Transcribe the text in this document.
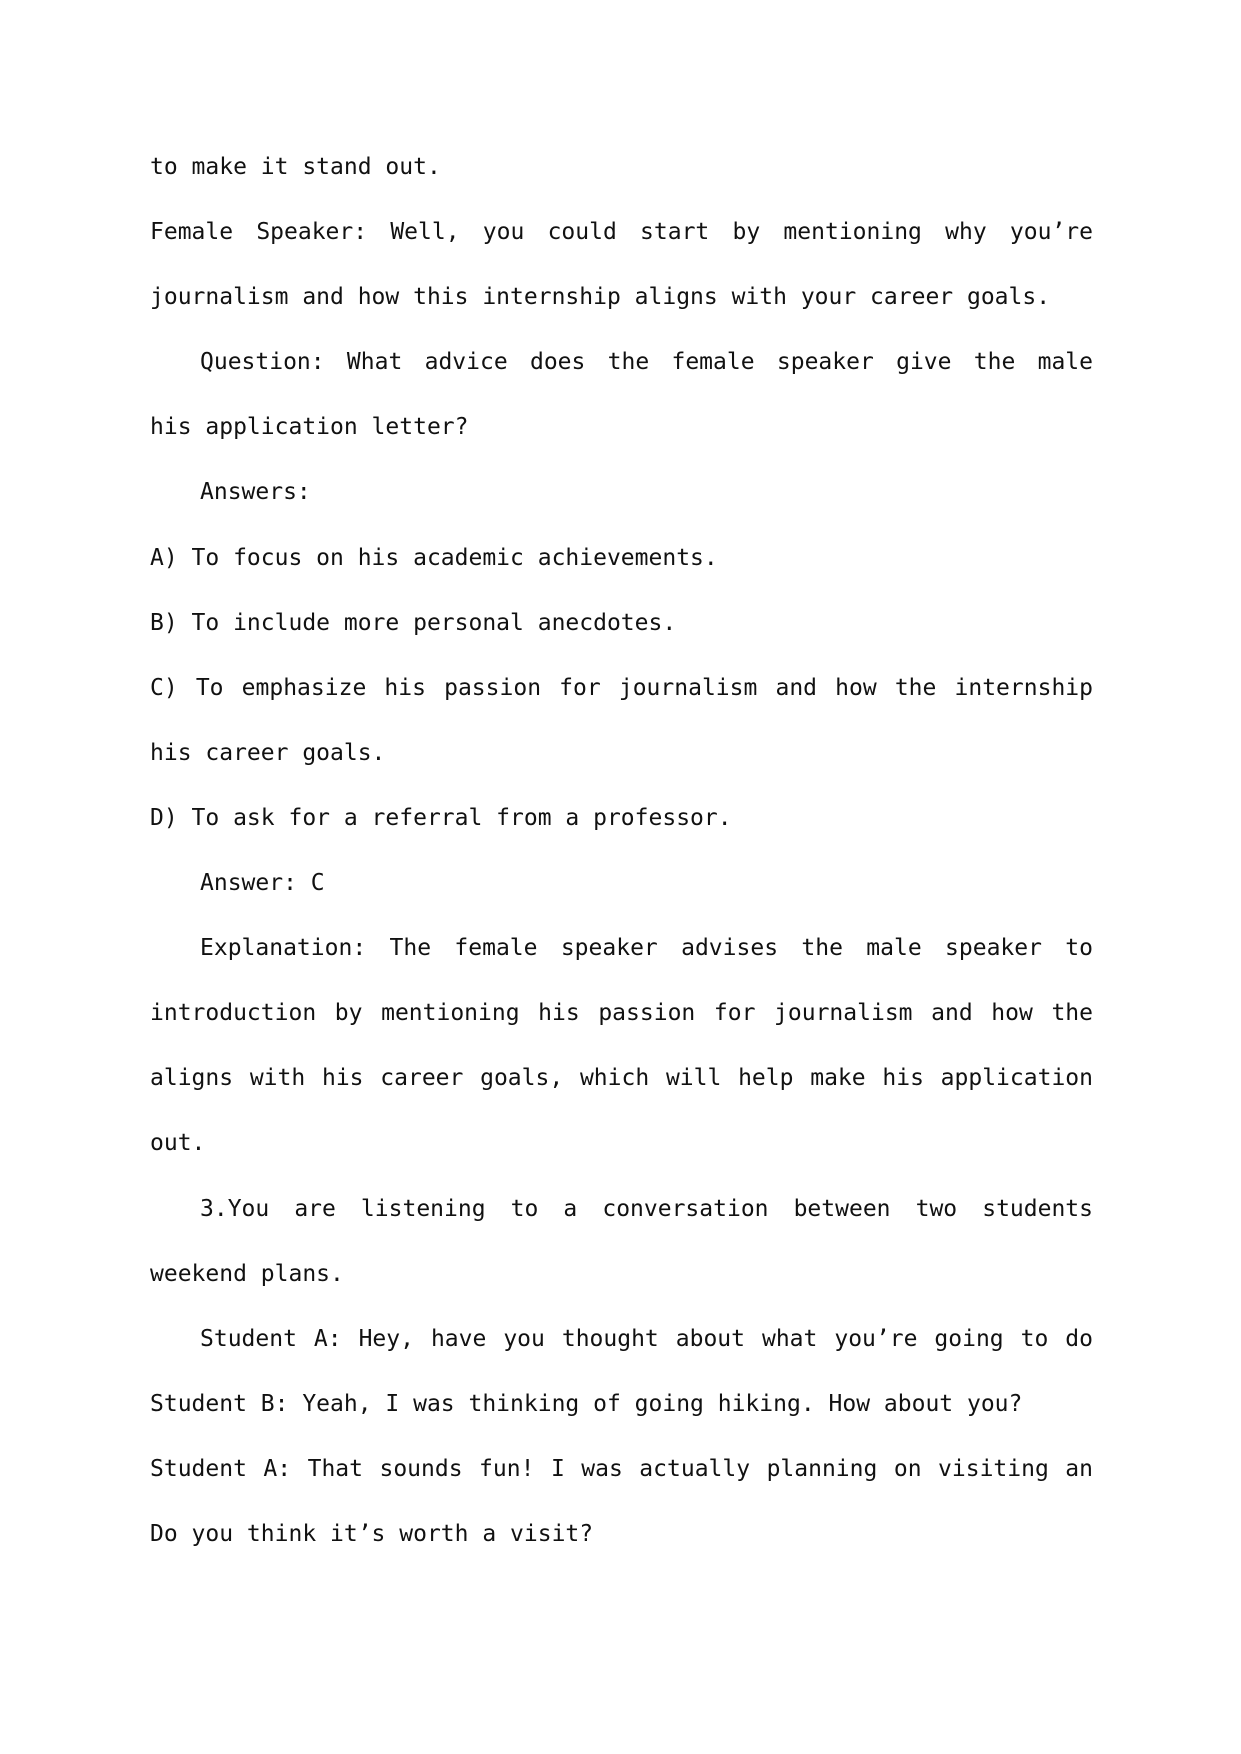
to make it stand out.
Female Speaker: Well, you could start by mentioning why you’re
journalism and how this internship aligns with your career goals.
Question: What advice does the female speaker give the male
his application letter?
Answers:
A) To focus on his academic achievements.
B) To include more personal anecdotes.
C) To emphasize his passion for journalism and how the internship
his career goals.
D) To ask for a referral from a professor.
Answer: C
Explanation: The female speaker advises the male speaker to
introduction by mentioning his passion for journalism and how the
aligns with his career goals, which will help make his application
out.
3.You are listening to a conversation between two students
weekend plans.
Student A: Hey, have you thought about what you’re going to do
Student B: Yeah, I was thinking of going hiking. How about you?
Student A: That sounds fun! I was actually planning on visiting an
Do you think it’s worth a visit?
